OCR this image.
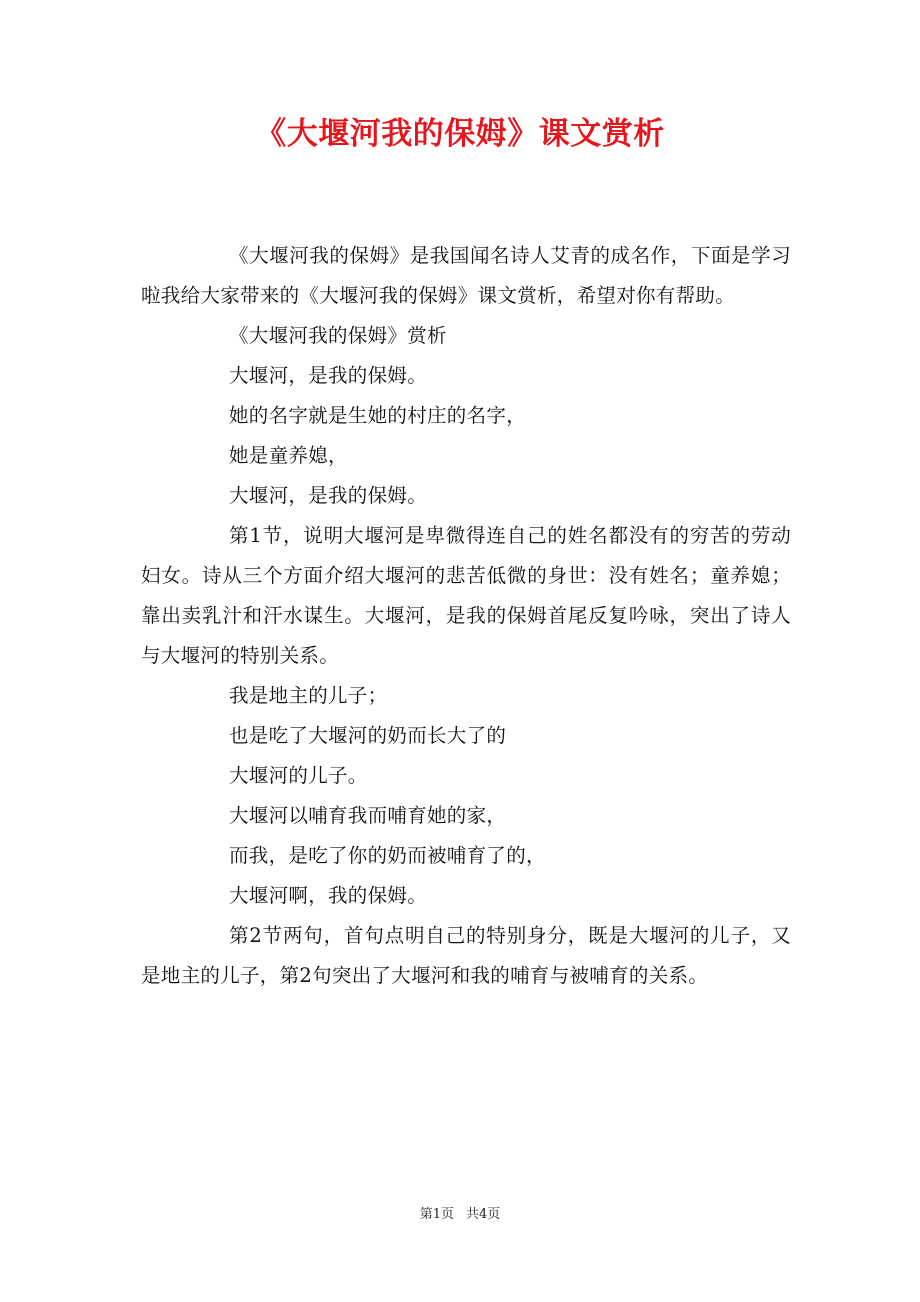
《大堰河我的保姆》课文赏析

《大堰河我的保姆》是我国闻名诗人艾青的成名作，下面是学习啦我给大家带来的《大堰河我的保姆》课文赏析，希望对你有帮助。

《大堰河我的保姆》赏析

大堰河，是我的保姆。

她的名字就是生她的村庄的名字，

她是童养媳，

大堰河，是我的保姆。

第1节，说明大堰河是卑微得连自己的姓名都没有的穷苦的劳动妇女。诗从三个方面介绍大堰河的悲苦低微的身世：没有姓名；童养媳；靠出卖乳汁和汗水谋生。大堰河，是我的保姆首尾反复吟咏，突出了诗人与大堰河的特别关系。

我是地主的儿子；

也是吃了大堰河的奶而长大了的

大堰河的儿子。

大堰河以哺育我而哺育她的家，

而我，是吃了你的奶而被哺育了的，

大堰河啊，我的保姆。

第2节两句，首句点明自己的特别身分，既是大堰河的儿子，又是地主的儿子，第2句突出了大堰河和我的哺育与被哺育的关系。

第1页 共4页
